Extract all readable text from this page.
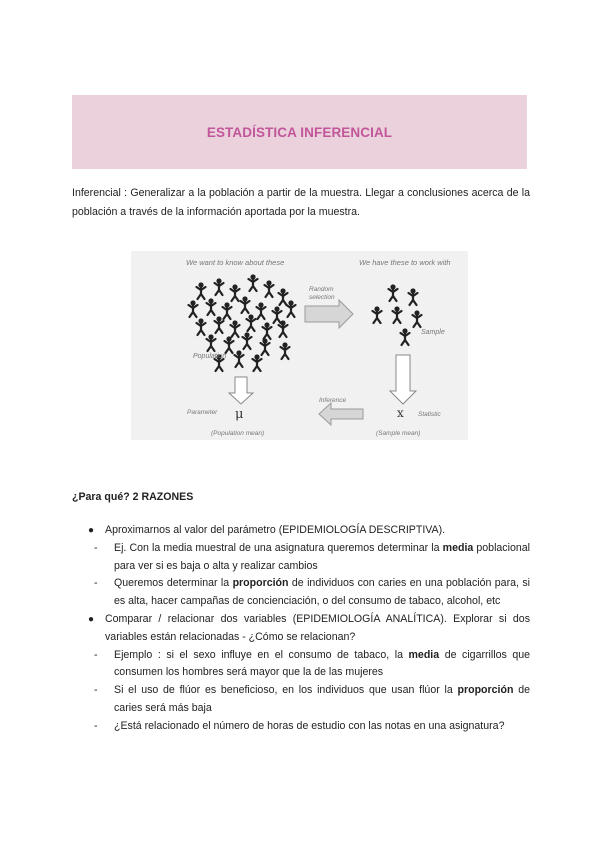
ESTADÍSTICA INFERENCIAL

Inferencial : Generalizar a la población a partir de la muestra. Llegar a conclusiones acerca de la población a través de la información aportada por la muestra.

We want to know about these	We have these to work with
Population
Random
selection
Sample
Inference
Parameter μ
(Population mean)
x Statistic
(Sample mean)

¿Para qué? 2 RAZONES

● Aproximarnos al valor del parámetro (EPIDEMIOLOGÍA DESCRIPTIVA).
- Ej. Con la media muestral de una asignatura queremos determinar la media poblacional para ver si es baja o alta y realizar cambios
- Queremos determinar la proporción de individuos con caries en una población para, si es alta, hacer campañas de concienciación, o del consumo de tabaco, alcohol, etc
● Comparar / relacionar dos variables (EPIDEMIOLOGÍA ANALÍTICA). Explorar si dos variables están relacionadas - ¿Cómo se relacionan?
- Ejemplo : si el sexo influye en el consumo de tabaco, la media de cigarrillos que consumen los hombres será mayor que la de las mujeres
- Si el uso de flúor es beneficioso, en los individuos que usan flúor la proporción de caries será más baja
- ¿Está relacionado el número de horas de estudio con las notas en una asignatura?
